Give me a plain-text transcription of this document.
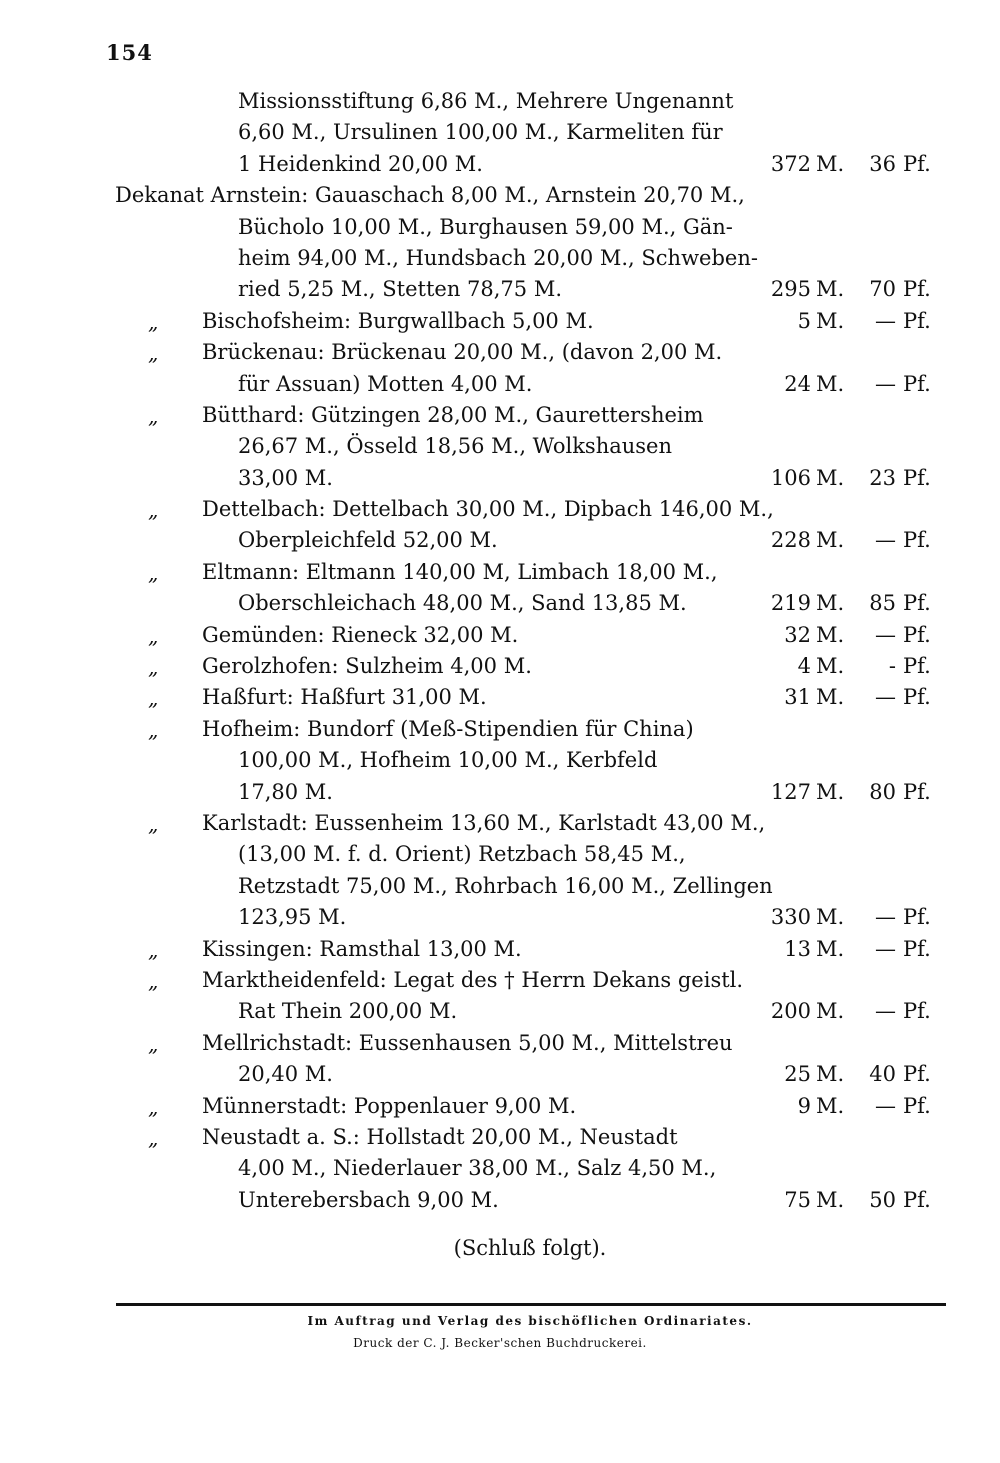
154
Missionsstiftung 6,86 M., Mehrere Ungenannt
6,60 M., Ursulinen 100,00 M., Karmeliten für
1 Heidenkind 20,00 M.	372 M. 36 Pf.
Dekanat Arnstein: Gauaschach 8,00 M., Arnstein 20,70 M.,
Bücholo 10,00 M., Burghausen 59,00 M., Gän-
heim 94,00 M., Hundsbach 20,00 M., Schweben-
ried 5,25 M., Stetten 78,75 M.	295 M. 70 Pf.
„ Bischofsheim: Burgwallbach 5,00 M.	5 M. — Pf.
„ Brückenau: Brückenau 20,00 M., (davon 2,00 M.
für Assuan) Motten 4,00 M.	24 M. — Pf.
„ Bütthard: Gützingen 28,00 M., Gaurettersheim
26,67 M., Össeld 18,56 M., Wolkshausen
33,00 M.	106 M. 23 Pf.
„ Dettelbach: Dettelbach 30,00 M., Dipbach 146,00 M.,
Oberpleichfeld 52,00 M.	228 M. — Pf.
„ Eltmann: Eltmann 140,00 M, Limbach 18,00 M.,
Oberschleichach 48,00 M., Sand 13,85 M.	219 M. 85 Pf.
„ Gemünden: Rieneck 32,00 M.	32 M. — Pf.
„ Gerolzhofen: Sulzheim 4,00 M.	4 M. - Pf.
„ Haßfurt: Haßfurt 31,00 M.	31 M. — Pf.
„ Hofheim: Bundorf (Meß-Stipendien für China)
100,00 M., Hofheim 10,00 M., Kerbfeld
17,80 M.	127 M. 80 Pf.
„ Karlstadt: Eussenheim 13,60 M., Karlstadt 43,00 M.,
(13,00 M. f. d. Orient) Retzbach 58,45 M.,
Retzstadt 75,00 M., Rohrbach 16,00 M., Zellingen
123,95 M.	330 M. — Pf.
„ Kissingen: Ramsthal 13,00 M.	13 M. — Pf.
„ Marktheidenfeld: Legat des † Herrn Dekans geistl.
Rat Thein 200,00 M.	200 M. — Pf.
„ Mellrichstadt: Eussenhausen 5,00 M., Mittelstreu
20,40 M.	25 M. 40 Pf.
„ Münnerstadt: Poppenlauer 9,00 M.	9 M. — Pf.
„ Neustadt a. S.: Hollstadt 20,00 M., Neustadt
4,00 M., Niederlauer 38,00 M., Salz 4,50 M.,
Unterebersbach 9,00 M.	75 M. 50 Pf.
(Schluß folgt).
Im Auftrag und Verlag des bischöflichen Ordinariates.
Druck der C. J. Becker'schen Buchdruckerei.
